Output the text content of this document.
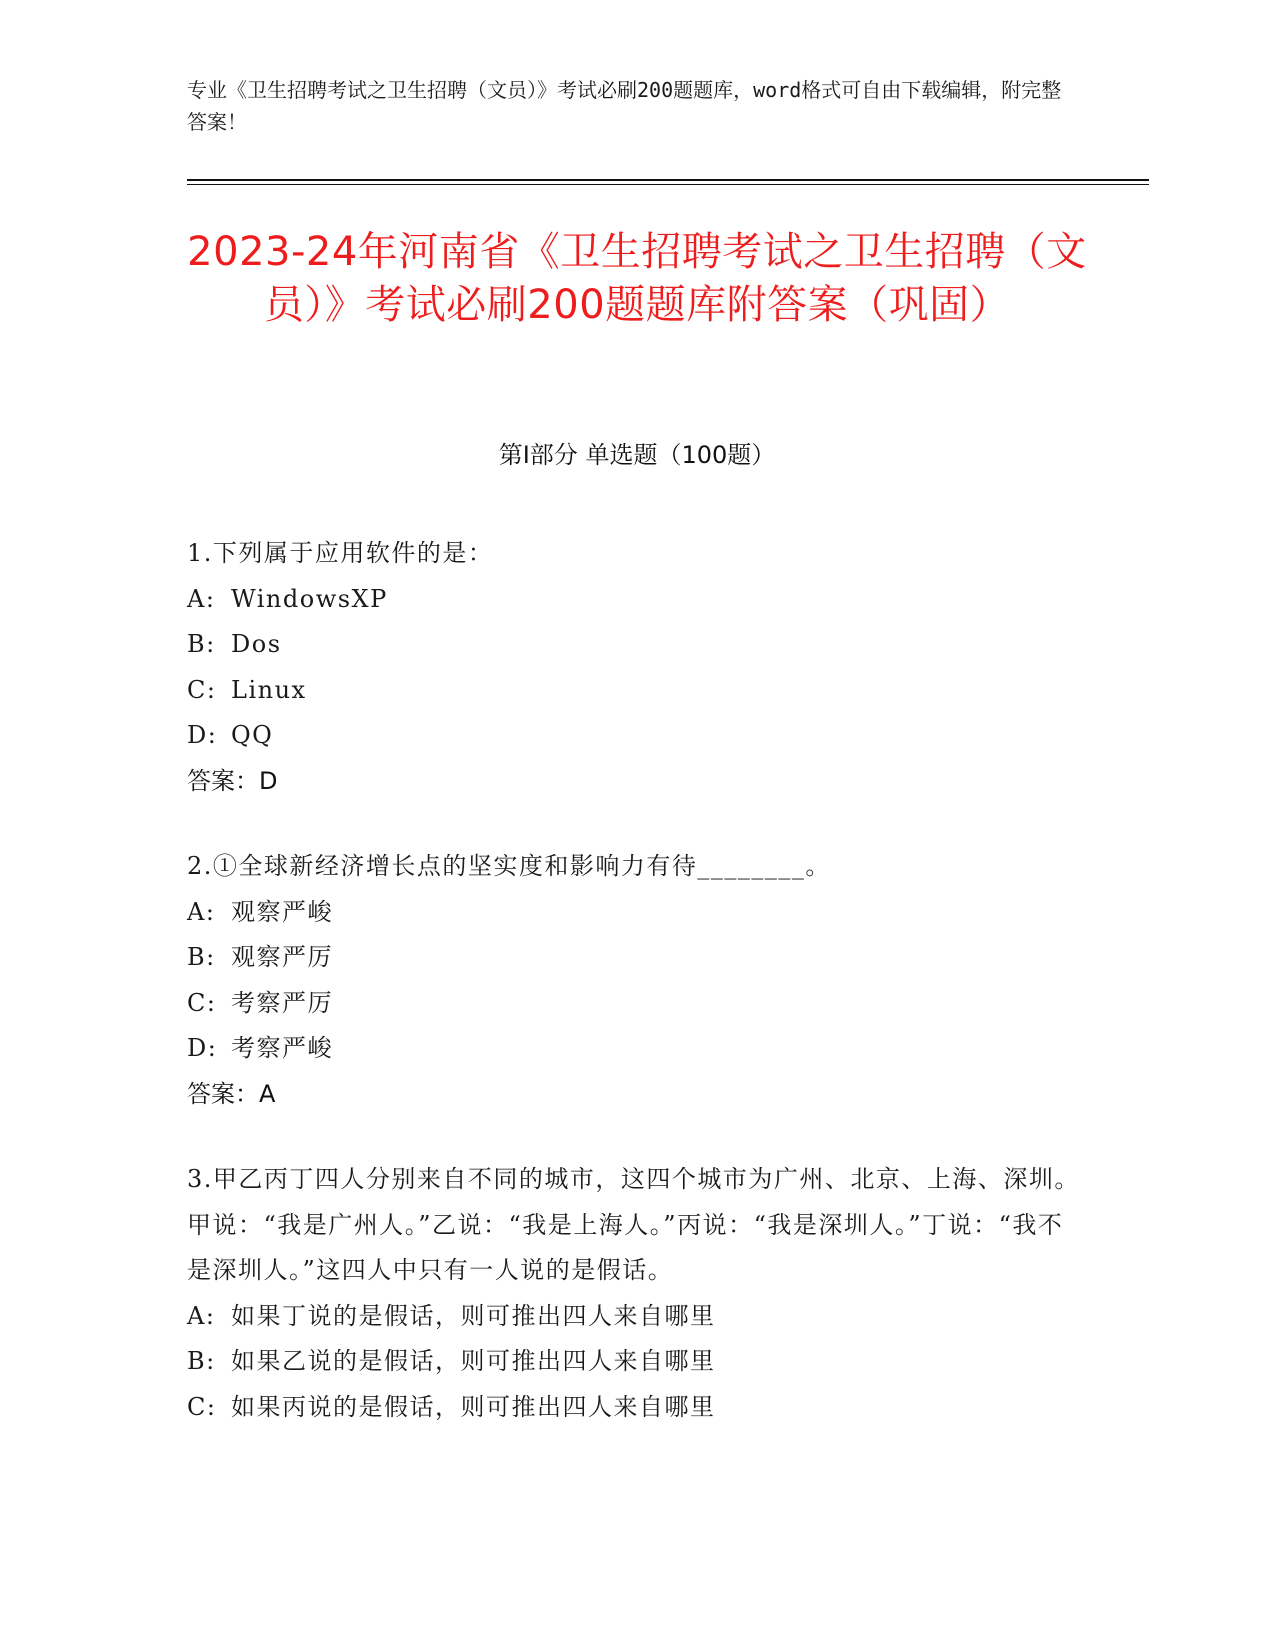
专业《卫生招聘考试之卫生招聘（文员）》考试必刷200题题库，word格式可自由下载编辑，附完整答案！
2023-24年河南省《卫生招聘考试之卫生招聘（文员）》考试必刷200题题库附答案（巩固）
第Ⅰ部分 单选题（100题）

1.下列属于应用软件的是：

A: WindowsXP

B: Dos

C: Linux

D: QQ

答案：D

2.①全球新经济增长点的坚实度和影响力有待________。

A: 观察严峻

B: 观察严厉

C: 考察严厉

D: 考察严峻

答案：A

3.甲乙丙丁四人分别来自不同的城市，这四个城市为广州、北京、上海、深圳。甲说：“我是广州人。”乙说：“我是上海人。”丙说：“我是深圳人。”丁说：“我不是深圳人。”这四人中只有一人说的是假话。

A: 如果丁说的是假话，则可推出四人来自哪里

B: 如果乙说的是假话，则可推出四人来自哪里

C: 如果丙说的是假话，则可推出四人来自哪里
